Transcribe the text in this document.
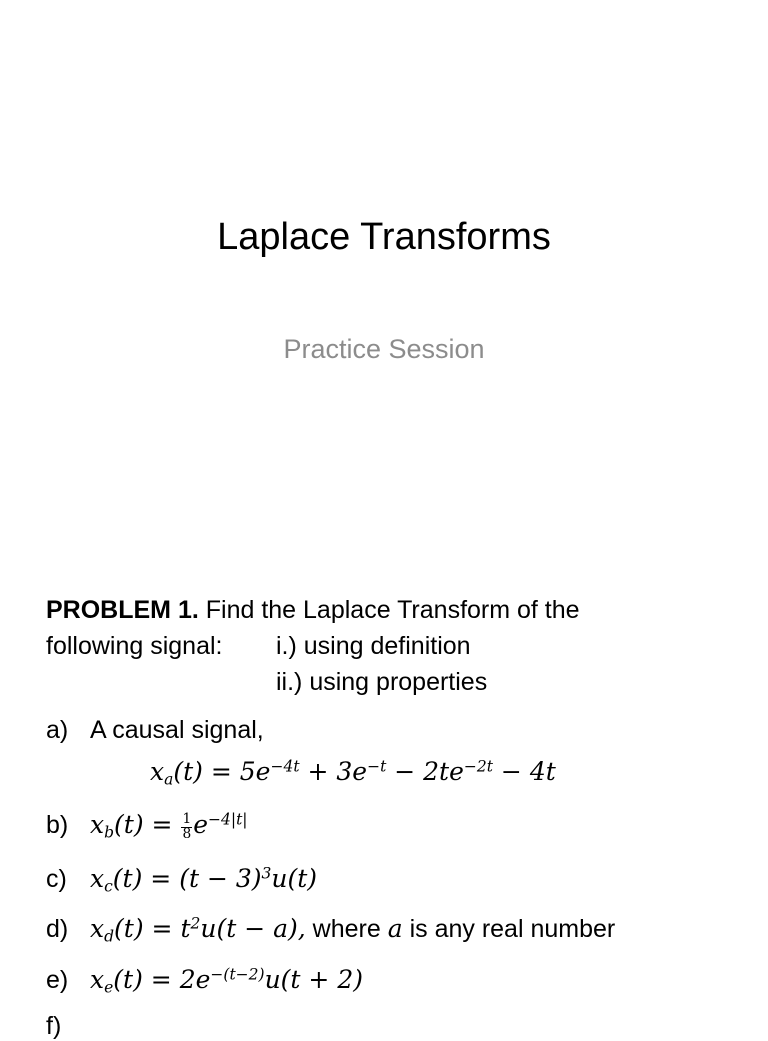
Laplace Transforms

Practice Session

PROBLEM 1. Find the Laplace Transform of the
following signal: i.) using definition
ii.) using properties
a) A causal signal,
$x_a(t) = 5e^{-4t} + 3e^{-t} - 2te^{-2t} - 4t$
b) $x_b(t) = \frac{1}{8} e^{-4|t|}$
c) $x_c(t) = (t - 3)^3u(t)$
d) $x_d(t) = t^2u(t - a)$, where a is any real number
e) $x_e(t) = 2e^{-(t-2)}u(t + 2)$
f)
